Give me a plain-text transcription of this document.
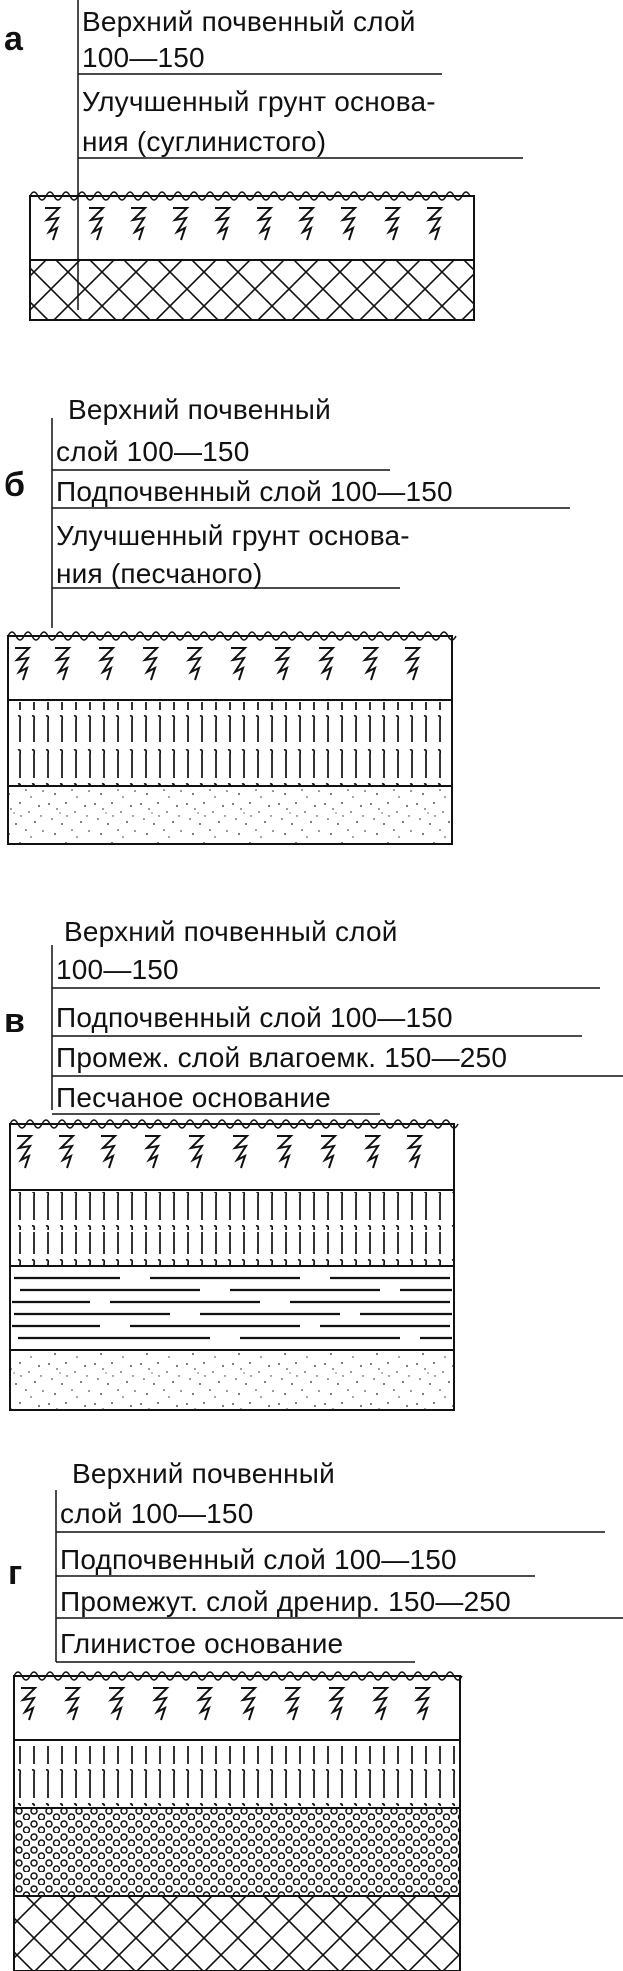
а
б
в
г
Верхний почвенный слой
100—150
Улучшенный грунт основа-
ния (суглинистого)
Верхний почвенный
слой 100—150
Подпочвенный слой 100—150
Улучшенный грунт основа-
ния (песчаного)
Верхний почвенный слой
100—150
Подпочвенный слой 100—150
Промеж. слой влагоемк. 150—250
Песчаное основание
Верхний почвенный
слой 100—150
Подпочвенный слой 100—150
Промежут. слой дренир. 150—250
Глинистое основание
